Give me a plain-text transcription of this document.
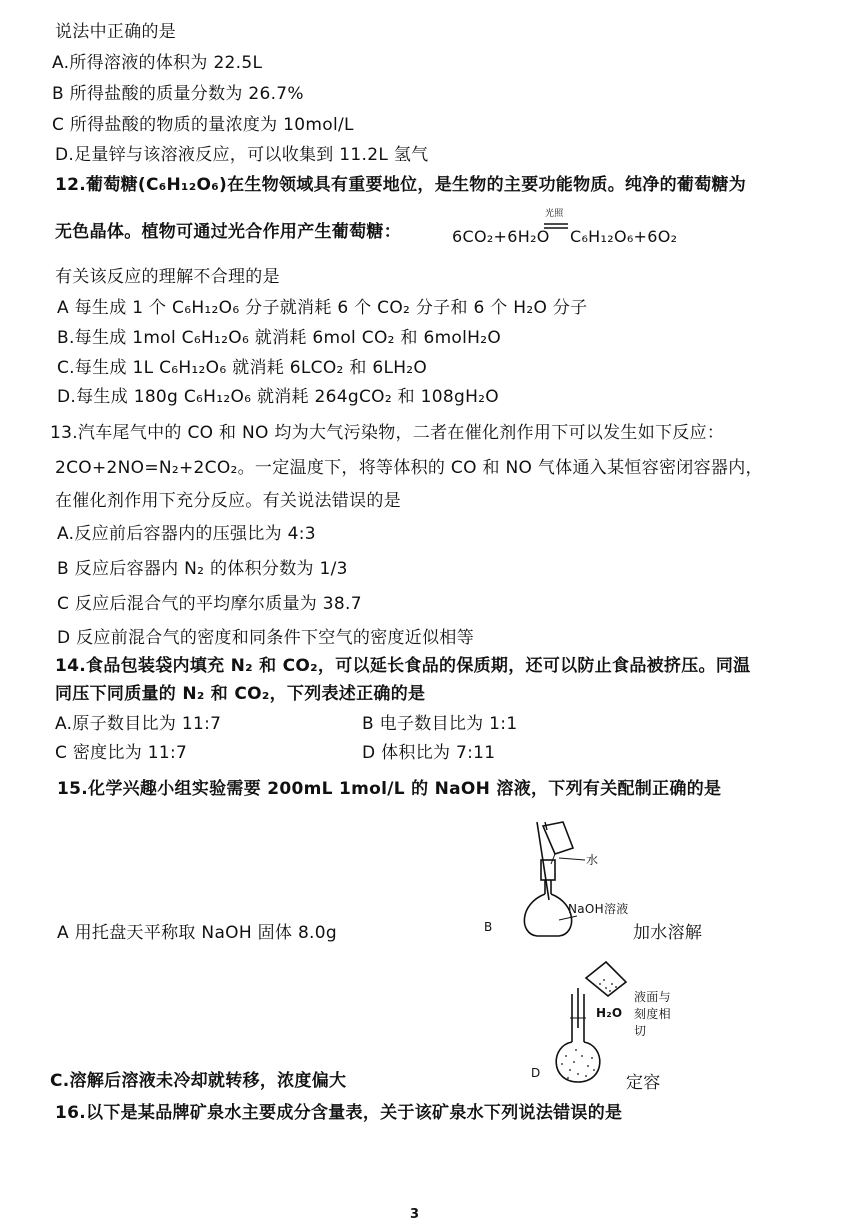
说法中正确的是
A.所得溶液的体积为 22.5L
B 所得盐酸的质量分数为 26.7%
C 所得盐酸的物质的量浓度为 10mol/L
D.足量锌与该溶液反应，可以收集到 11.2L 氢气
12.葡萄糖(C₆H₁₂O₆)在生物领域具有重要地位，是生物的主要功能物质。纯净的葡萄糖为
无色晶体。植物可通过光合作用产生葡萄糖：	6CO₂+6H₂O
光照
C₆H₁₂O₆+6O₂
有关该反应的理解不合理的是
A 每生成 1 个 C₆H₁₂O₆ 分子就消耗 6 个 CO₂ 分子和 6 个 H₂O 分子
B.每生成 1mol C₆H₁₂O₆ 就消耗 6mol CO₂ 和 6molH₂O
C.每生成 1L C₆H₁₂O₆ 就消耗 6LCO₂ 和 6LH₂O
D.每生成 180g C₆H₁₂O₆ 就消耗 264gCO₂ 和 108gH₂O
13.汽车尾气中的 CO 和 NO 均为大气污染物，二者在催化剂作用下可以发生如下反应：
2CO+2NO=N₂+2CO₂。一定温度下，将等体积的 CO 和 NO 气体通入某恒容密闭容器内，
在催化剂作用下充分反应。有关说法错误的是
A.反应前后容器内的压强比为 4:3
B 反应后容器内 N₂ 的体积分数为 1/3
C 反应后混合气的平均摩尔质量为 38.7
D 反应前混合气的密度和同条件下空气的密度近似相等
14.食品包装袋内填充 N₂ 和 CO₂，可以延长食品的保质期，还可以防止食品被挤压。同温
同压下同质量的 N₂ 和 CO₂，下列表述正确的是
A.原子数目比为 11:7	B 电子数目比为 1:1
C 密度比为 11:7	D 体积比为 7:11
15.化学兴趣小组实验需要 200mL 1mol/L 的 NaOH 溶液，下列有关配制正确的是
水
NaOH溶液
A 用托盘天平称取 NaOH 固体 8.0g	B	加水溶解
H₂O
液面与
刻度相
切
C.溶解后溶液未冷却就转移，浓度偏大	D	定容
16.以下是某品牌矿泉水主要成分含量表，关于该矿泉水下列说法错误的是
3
